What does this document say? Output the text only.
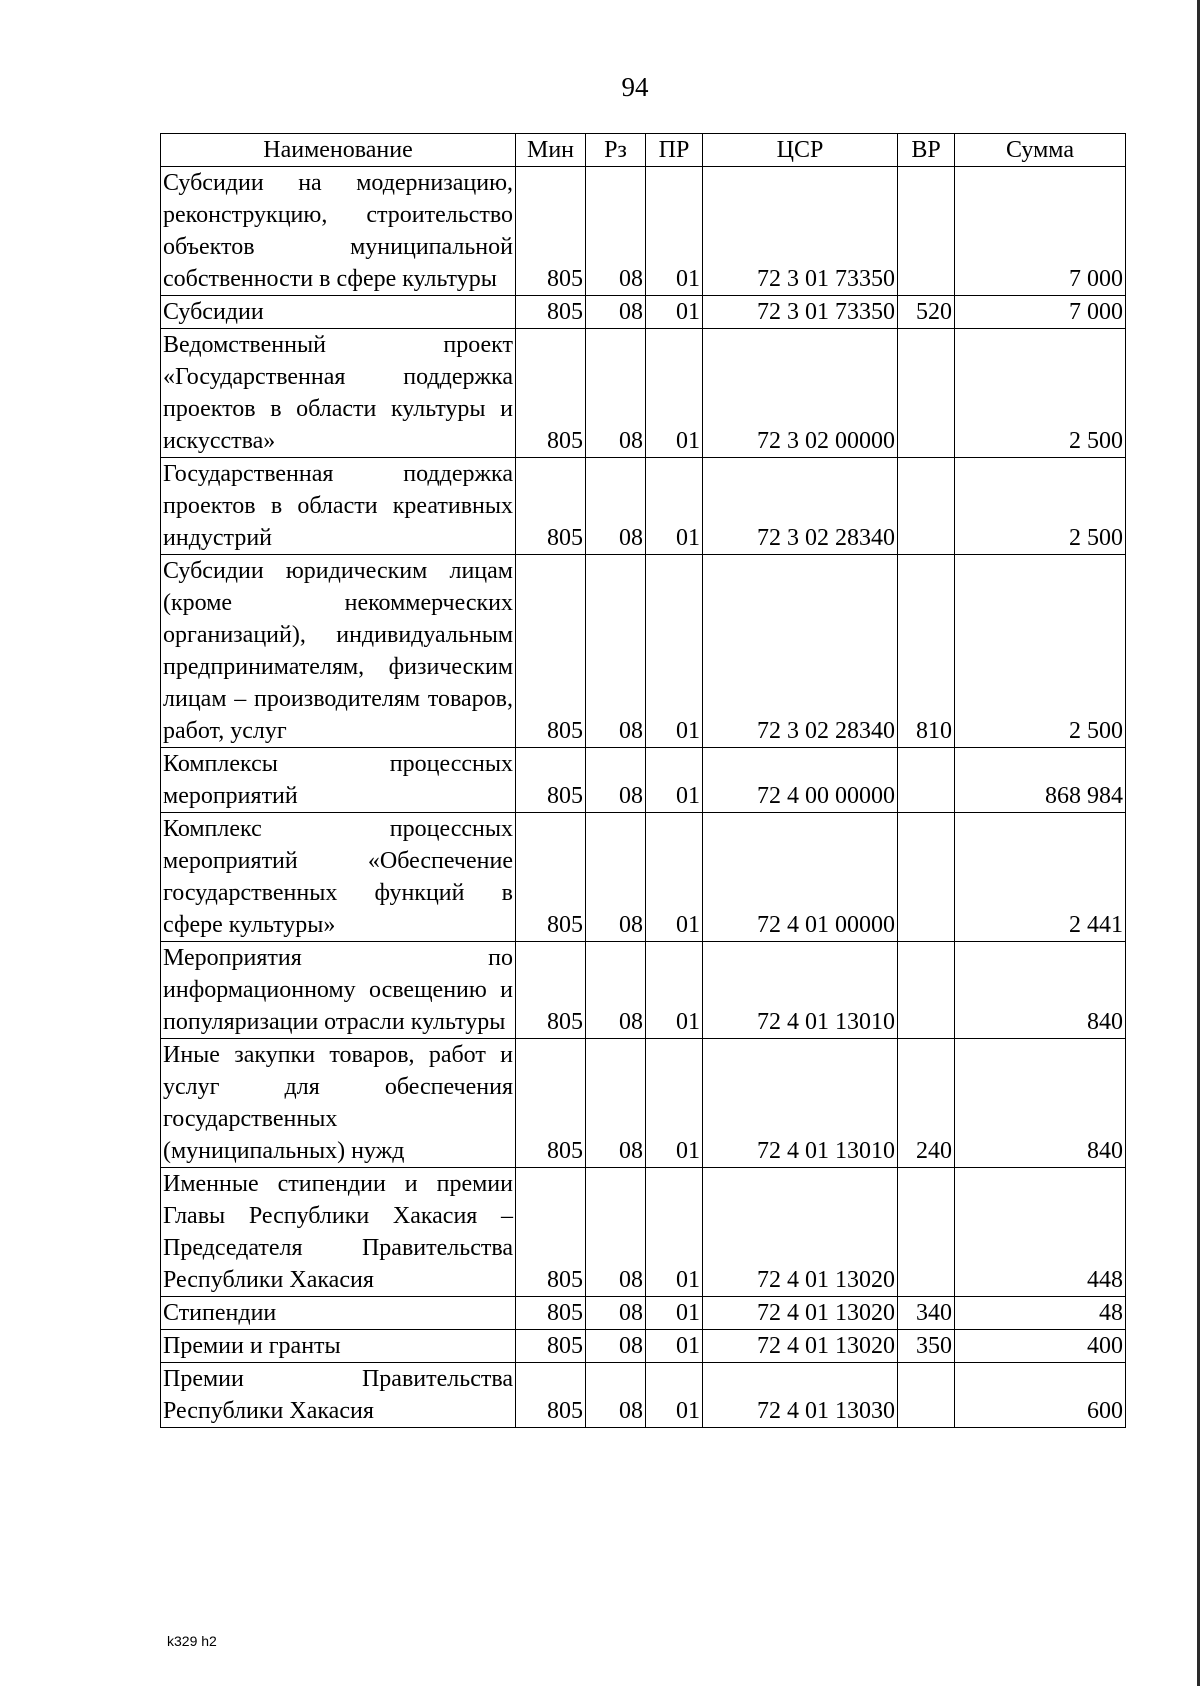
94
Наименование	Мин	Рз	ПР	ЦСР	ВР	Сумма
Субсидии на модернизацию, реконструкцию, строительство объектов муниципальной собственности в сфере культуры	805	08	01	72 3 01 73350		7 000
Субсидии	805	08	01	72 3 01 73350	520	7 000
Ведомственный проект «Государственная поддержка проектов в области культуры и искусства»	805	08	01	72 3 02 00000		2 500
Государственная поддержка проектов в области креативных индустрий	805	08	01	72 3 02 28340		2 500
Субсидии юридическим лицам (кроме некоммерческих организаций), индивидуальным предпринимателям, физическим лицам – производителям товаров, работ, услуг	805	08	01	72 3 02 28340	810	2 500
Комплексы процессных мероприятий	805	08	01	72 4 00 00000		868 984
Комплекс процессных мероприятий «Обеспечение государственных функций в сфере культуры»	805	08	01	72 4 01 00000		2 441
Мероприятия по информационному освещению и популяризации отрасли культуры	805	08	01	72 4 01 13010		840
Иные закупки товаров, работ и услуг для обеспечения государственных (муниципальных) нужд	805	08	01	72 4 01 13010	240	840
Именные стипендии и премии Главы Республики Хакасия – Председателя Правительства Республики Хакасия	805	08	01	72 4 01 13020		448
Стипендии	805	08	01	72 4 01 13020	340	48
Премии и гранты	805	08	01	72 4 01 13020	350	400
Премии Правительства Республики Хакасия	805	08	01	72 4 01 13030		600
k329 h2
